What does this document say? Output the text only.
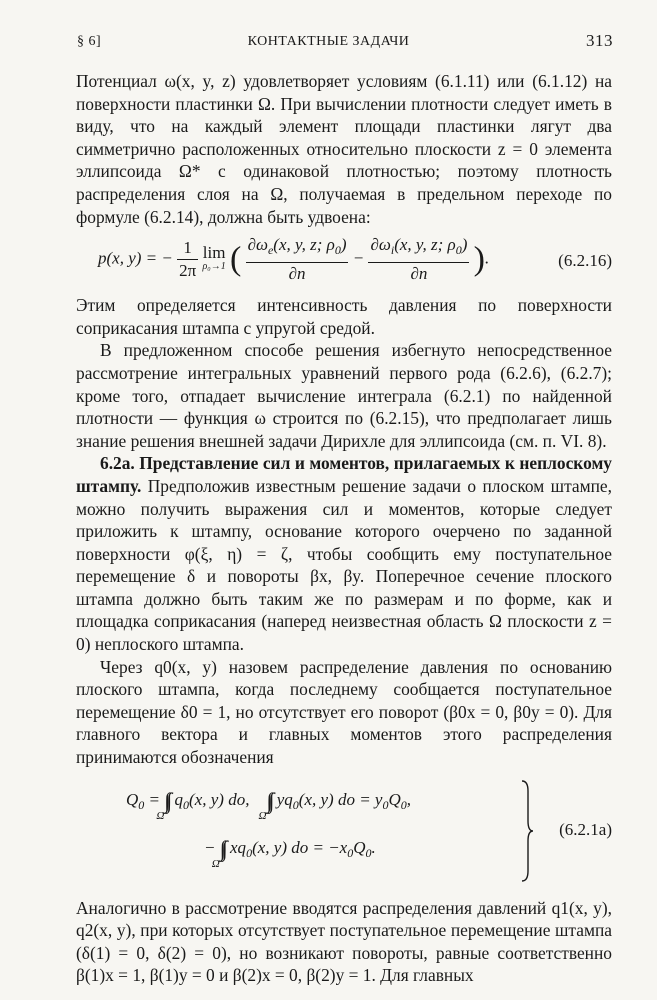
§ 6]	КОНТАКТНЫЕ ЗАДАЧИ	313

Потенциал ω(x, y, z) удовлетворяет условиям (6.1.11) или (6.1.12) на поверхности пластинки Ω. При вычислении плотности следует иметь в виду, что на каждый элемент площади пластинки лягут два симметрично расположенных относительно плоскости z = 0 элемента эллипсоида Ω* с одинаковой плотностью; поэтому плотность распределения слоя на Ω, получаемая в предельном переходе по формуле (6.2.14), должна быть удвоена:

p(x, y) = − $\frac{1}{2\pi}$ lim
ρ₀→1 ( $\frac{\partial\omega_e(x, y, z; \rho_0)}{\partial n} - \frac{\partial\omega_i(x, y, z; \rho_0)}{\partial n}$ ).	(6.2.16)

Этим определяется интенсивность давления по поверхности соприкасания штампа с упругой средой.

В предложенном способе решения избегнуто непосредственное рассмотрение интегральных уравнений первого рода (6.2.6), (6.2.7); кроме того, отпадает вычисление интеграла (6.2.1) по найденной плотности — функция ω строится по (6.2.15), что предполагает лишь знание решения внешней задачи Дирихле для эллипсоида (см. п. VI. 8).

6.2а. Представление сил и моментов, прилагаемых к неплоскому штампу. Предположив известным решение задачи о плоском штампе, можно получить выражения сил и моментов, которые следует приложить к штампу, основание которого очерчено по заданной поверхности φ(ξ, η) = ζ, чтобы сообщить ему поступательное перемещение δ и повороты βx, βy. Поперечное сечение плоского штампа должно быть таким же по размерам и по форме, как и площадка соприкасания (наперед неизвестная область Ω плоскости z = 0) неплоского штампа.

Через q0(x, y) назовем распределение давления по основанию плоского штампа, когда последнему сообщается поступательное перемещение δ0 = 1, но отсутствует его поворот (β0x = 0, β0y = 0). Для главного вектора и главных моментов этого распределения принимаются обозначения

$Q_0 = \int\int_\Omega$ $q_0(x$, y) do,    $\int\int_\Omega$ $yq_0(x$, y) do = $y_0Q_0$,
− $\int\int_\Omega$ $xq_0(x$, y) do = $-x_0Q_0$.
(6.2.1a)

Аналогично в рассмотрение вводятся распределения давлений q1(x, y), q2(x, y), при которых отсутствует поступательное перемещение штампа (δ(1) = 0, δ(2) = 0), но возникают повороты, равные соответственно β(1)x = 1, β(1)y = 0 и β(2)x = 0, β(2)y = 1. Для главных
